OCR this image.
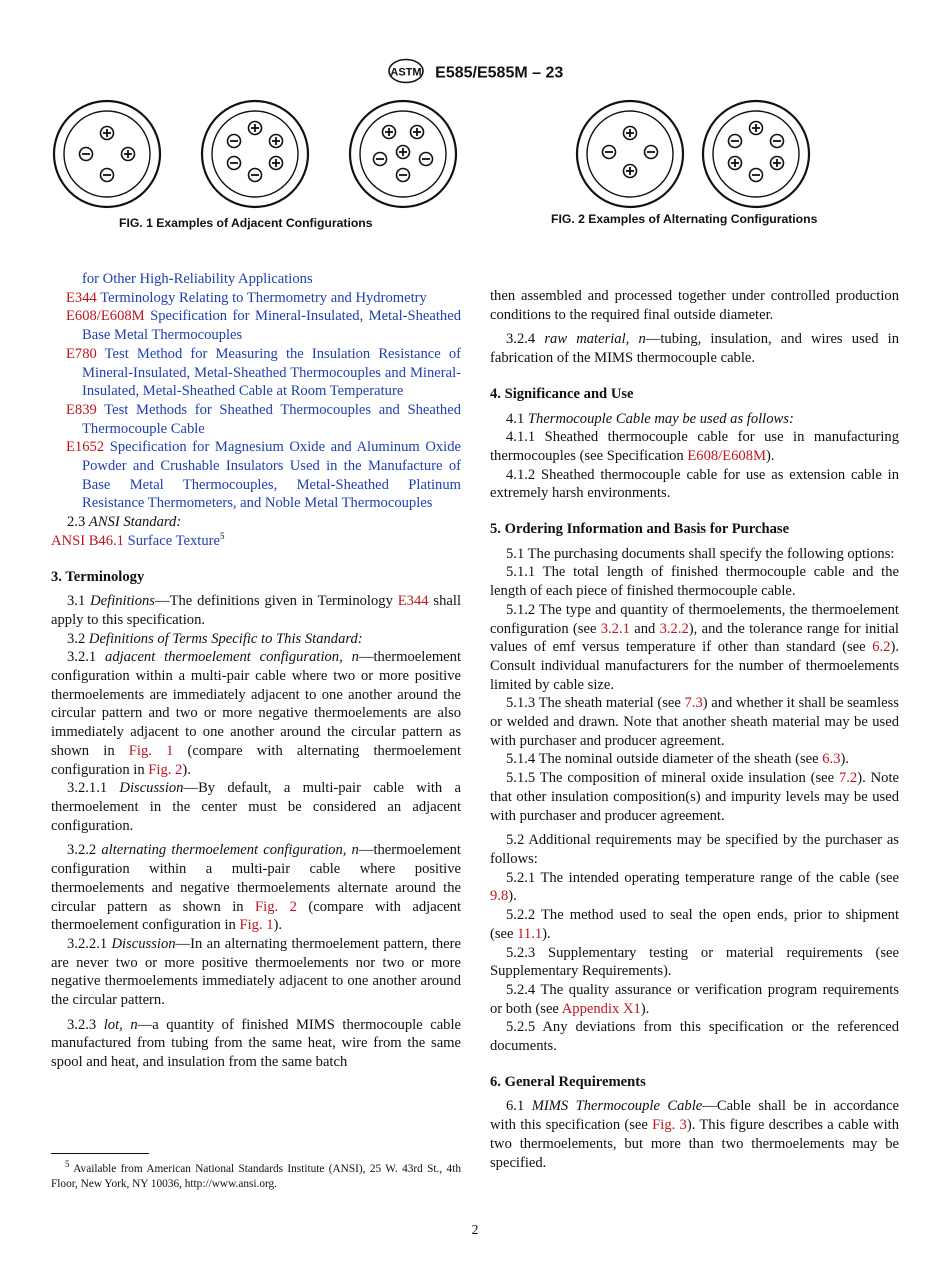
ASTM E585/E585M – 23
FIG. 1 Examples of Adjacent Configurations	FIG. 2 Examples of Alternating Configurations

for Other High-Reliability Applications

E344 Terminology Relating to Thermometry and Hydrometry

E608/E608M Specification for Mineral-Insulated, Metal-Sheathed Base Metal Thermocouples

E780 Test Method for Measuring the Insulation Resistance of Mineral-Insulated, Metal-Sheathed Thermocouples and Mineral-Insulated, Metal-Sheathed Cable at Room Temperature

E839 Test Methods for Sheathed Thermocouples and Sheathed Thermocouple Cable

E1652 Specification for Magnesium Oxide and Aluminum Oxide Powder and Crushable Insulators Used in the Manufacture of Base Metal Thermocouples, Metal-Sheathed Platinum Resistance Thermometers, and Noble Metal Thermocouples

2.3 ANSI Standard:

ANSI B46.1 Surface Texture$^5$

3. Terminology

3.1 Definitions—The definitions given in Terminology E344 shall apply to this specification.

3.2 Definitions of Terms Specific to This Standard:

3.2.1 adjacent thermoelement configuration, n—thermoelement configuration within a multi-pair cable where two or more positive thermoelements are immediately adjacent to one another around the circular pattern and two or more negative thermoelements are also immediately adjacent to one another around the circular pattern as shown in Fig. 1 (compare with alternating thermoelement configuration in Fig. 2).

3.2.1.1 Discussion—By default, a multi-pair cable with a thermoelement in the center must be considered an adjacent configuration.

3.2.2 alternating thermoelement configuration, n—thermoelement configuration within a multi-pair cable where positive thermoelements and negative thermoelements alternate around the circular pattern as shown in Fig. 2 (compare with adjacent thermoelement configuration in Fig. 1).

3.2.2.1 Discussion—In an alternating thermoelement pattern, there are never two or more positive thermoelements nor two or more negative thermoelements immediately adjacent to one another around the circular pattern.

3.2.3 lot, n—a quantity of finished MIMS thermocouple cable manufactured from tubing from the same heat, wire from the same spool and heat, and insulation from the same batch

then assembled and processed together under controlled production conditions to the required final outside diameter.

3.2.4 raw material, n—tubing, insulation, and wires used in fabrication of the MIMS thermocouple cable.

4. Significance and Use

4.1 Thermocouple Cable may be used as follows:

4.1.1 Sheathed thermocouple cable for use in manufacturing thermocouples (see Specification E608/E608M).

4.1.2 Sheathed thermocouple cable for use as extension cable in extremely harsh environments.

5. Ordering Information and Basis for Purchase

5.1 The purchasing documents shall specify the following options:

5.1.1 The total length of finished thermocouple cable and the length of each piece of finished thermocouple cable.

5.1.2 The type and quantity of thermoelements, the thermoelement configuration (see 3.2.1 and 3.2.2), and the tolerance range for initial values of emf versus temperature if other than standard (see 6.2). Consult individual manufacturers for the number of thermoelements limited by cable size.

5.1.3 The sheath material (see 7.3) and whether it shall be seamless or welded and drawn. Note that another sheath material may be used with purchaser and producer agreement.

5.1.4 The nominal outside diameter of the sheath (see 6.3).

5.1.5 The composition of mineral oxide insulation (see 7.2). Note that other insulation composition(s) and impurity levels may be used with purchaser and producer agreement.

5.2 Additional requirements may be specified by the purchaser as follows:

5.2.1 The intended operating temperature range of the cable (see 9.8).

5.2.2 The method used to seal the open ends, prior to shipment (see 11.1).

5.2.3 Supplementary testing or material requirements (see Supplementary Requirements).

5.2.4 The quality assurance or verification program requirements or both (see Appendix X1).

5.2.5 Any deviations from this specification or the referenced documents.

6. General Requirements

6.1 MIMS Thermocouple Cable—Cable shall be in accordance with this specification (see Fig. 3). This figure describes a cable with two thermoelements, but more than two thermoelements may be specified.

$^5$ Available from American National Standards Institute (ANSI), 25 W. 43rd St., 4th Floor, New York, NY 10036, http://www.ansi.org.
2
